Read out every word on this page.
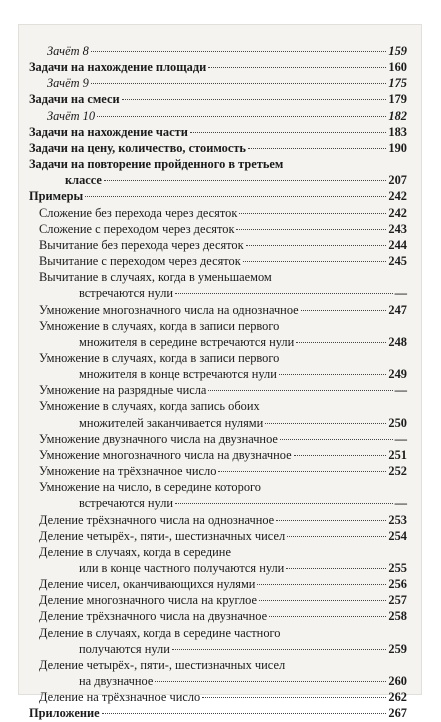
Зачёт 8	159
Задачи на нахождение площади	160
Зачёт 9	175
Задачи на смеси	179
Зачёт 10	182
Задачи на нахождение части	183
Задачи на цену, количество, стоимость	190
Задачи на повторение пройденного в третьем
классе	207
Примеры	242
Сложение без перехода через десяток	242
Сложение с переходом через десяток	243
Вычитание без перехода через десяток	244
Вычитание с переходом через десяток	245
Вычитание в случаях, когда в уменьшаемом
встречаются нули	—
Умножение многозначного числа на однозначное	247
Умножение в случаях, когда в записи первого
множителя в середине встречаются нули	248
Умножение в случаях, когда в записи первого
множителя в конце встречаются нули	249
Умножение на разрядные числа	—
Умножение в случаях, когда запись обоих
множителей заканчивается нулями	250
Умножение двузначного числа на двузначное	—
Умножение многозначного числа на двузначное	251
Умножение на трёхзначное число	252
Умножение на число, в середине которого
встречаются нули	—
Деление трёхзначного числа на однозначное	253
Деление четырёх-, пяти-, шестизначных чисел	254
Деление в случаях, когда в середине
или в конце частного получаются нули	255
Деление чисел, оканчивающихся нулями	256
Деление многозначного числа на круглое	257
Деление трёхзначного числа на двузначное	258
Деление в случаях, когда в середине частного
получаются нули	259
Деление четырёх-, пяти-, шестизначных чисел
на двузначное	260
Деление на трёхзначное число	262
Приложение	267
